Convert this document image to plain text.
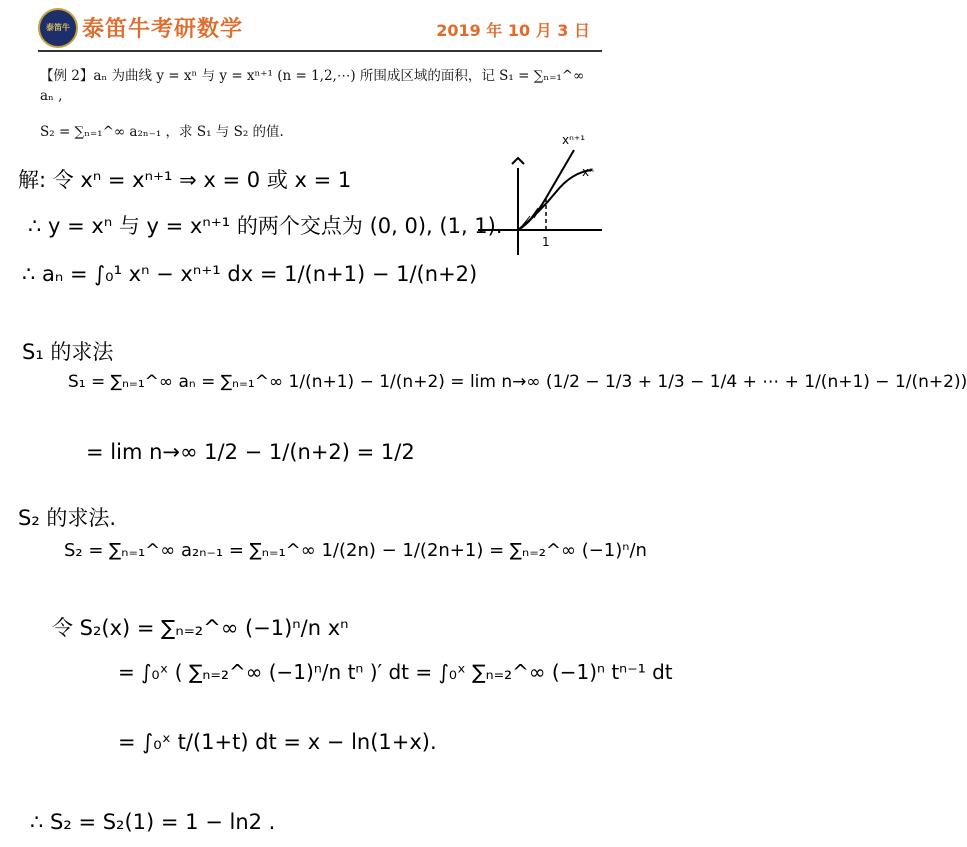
泰笛牛 泰笛牛考研数学	2019 年 10 月 3 日
【例 2】aₙ 为曲线 y = xⁿ 与 y = xⁿ⁺¹ (n = 1,2,⋯) 所围成区域的面积，记 S₁ = ∑ₙ₌₁^∞ aₙ ,
S₂ = ∑ₙ₌₁^∞ a₂ₙ₋₁ ，求 S₁ 与 S₂ 的值.
解: 令 xⁿ = xⁿ⁺¹ ⇒ x = 0 或 x = 1
∴ y = xⁿ 与 y = xⁿ⁺¹ 的两个交点为 (0, 0), (1, 1).
∴ aₙ = ∫₀¹ xⁿ − xⁿ⁺¹ dx = 1/(n+1) − 1/(n+2)
xⁿ⁺¹
xⁿ
1
S₁ 的求法
S₁ = ∑ₙ₌₁^∞ aₙ = ∑ₙ₌₁^∞ 1/(n+1) − 1/(n+2) = lim n→∞ (1/2 − 1/3 + 1/3 − 1/4 + ⋯ + 1/(n+1) − 1/(n+2))
= lim n→∞ 1/2 − 1/(n+2) = 1/2
S₂ 的求法.
S₂ = ∑ₙ₌₁^∞ a₂ₙ₋₁ = ∑ₙ₌₁^∞ 1/(2n) − 1/(2n+1) = ∑ₙ₌₂^∞ (−1)ⁿ/n
令 S₂(x) = ∑ₙ₌₂^∞ (−1)ⁿ/n xⁿ
= ∫₀ˣ ( ∑ₙ₌₂^∞ (−1)ⁿ/n tⁿ )′ dt = ∫₀ˣ ∑ₙ₌₂^∞ (−1)ⁿ tⁿ⁻¹ dt
= ∫₀ˣ t/(1+t) dt = x − ln(1+x).
∴ S₂ = S₂(1) = 1 − ln2 .
